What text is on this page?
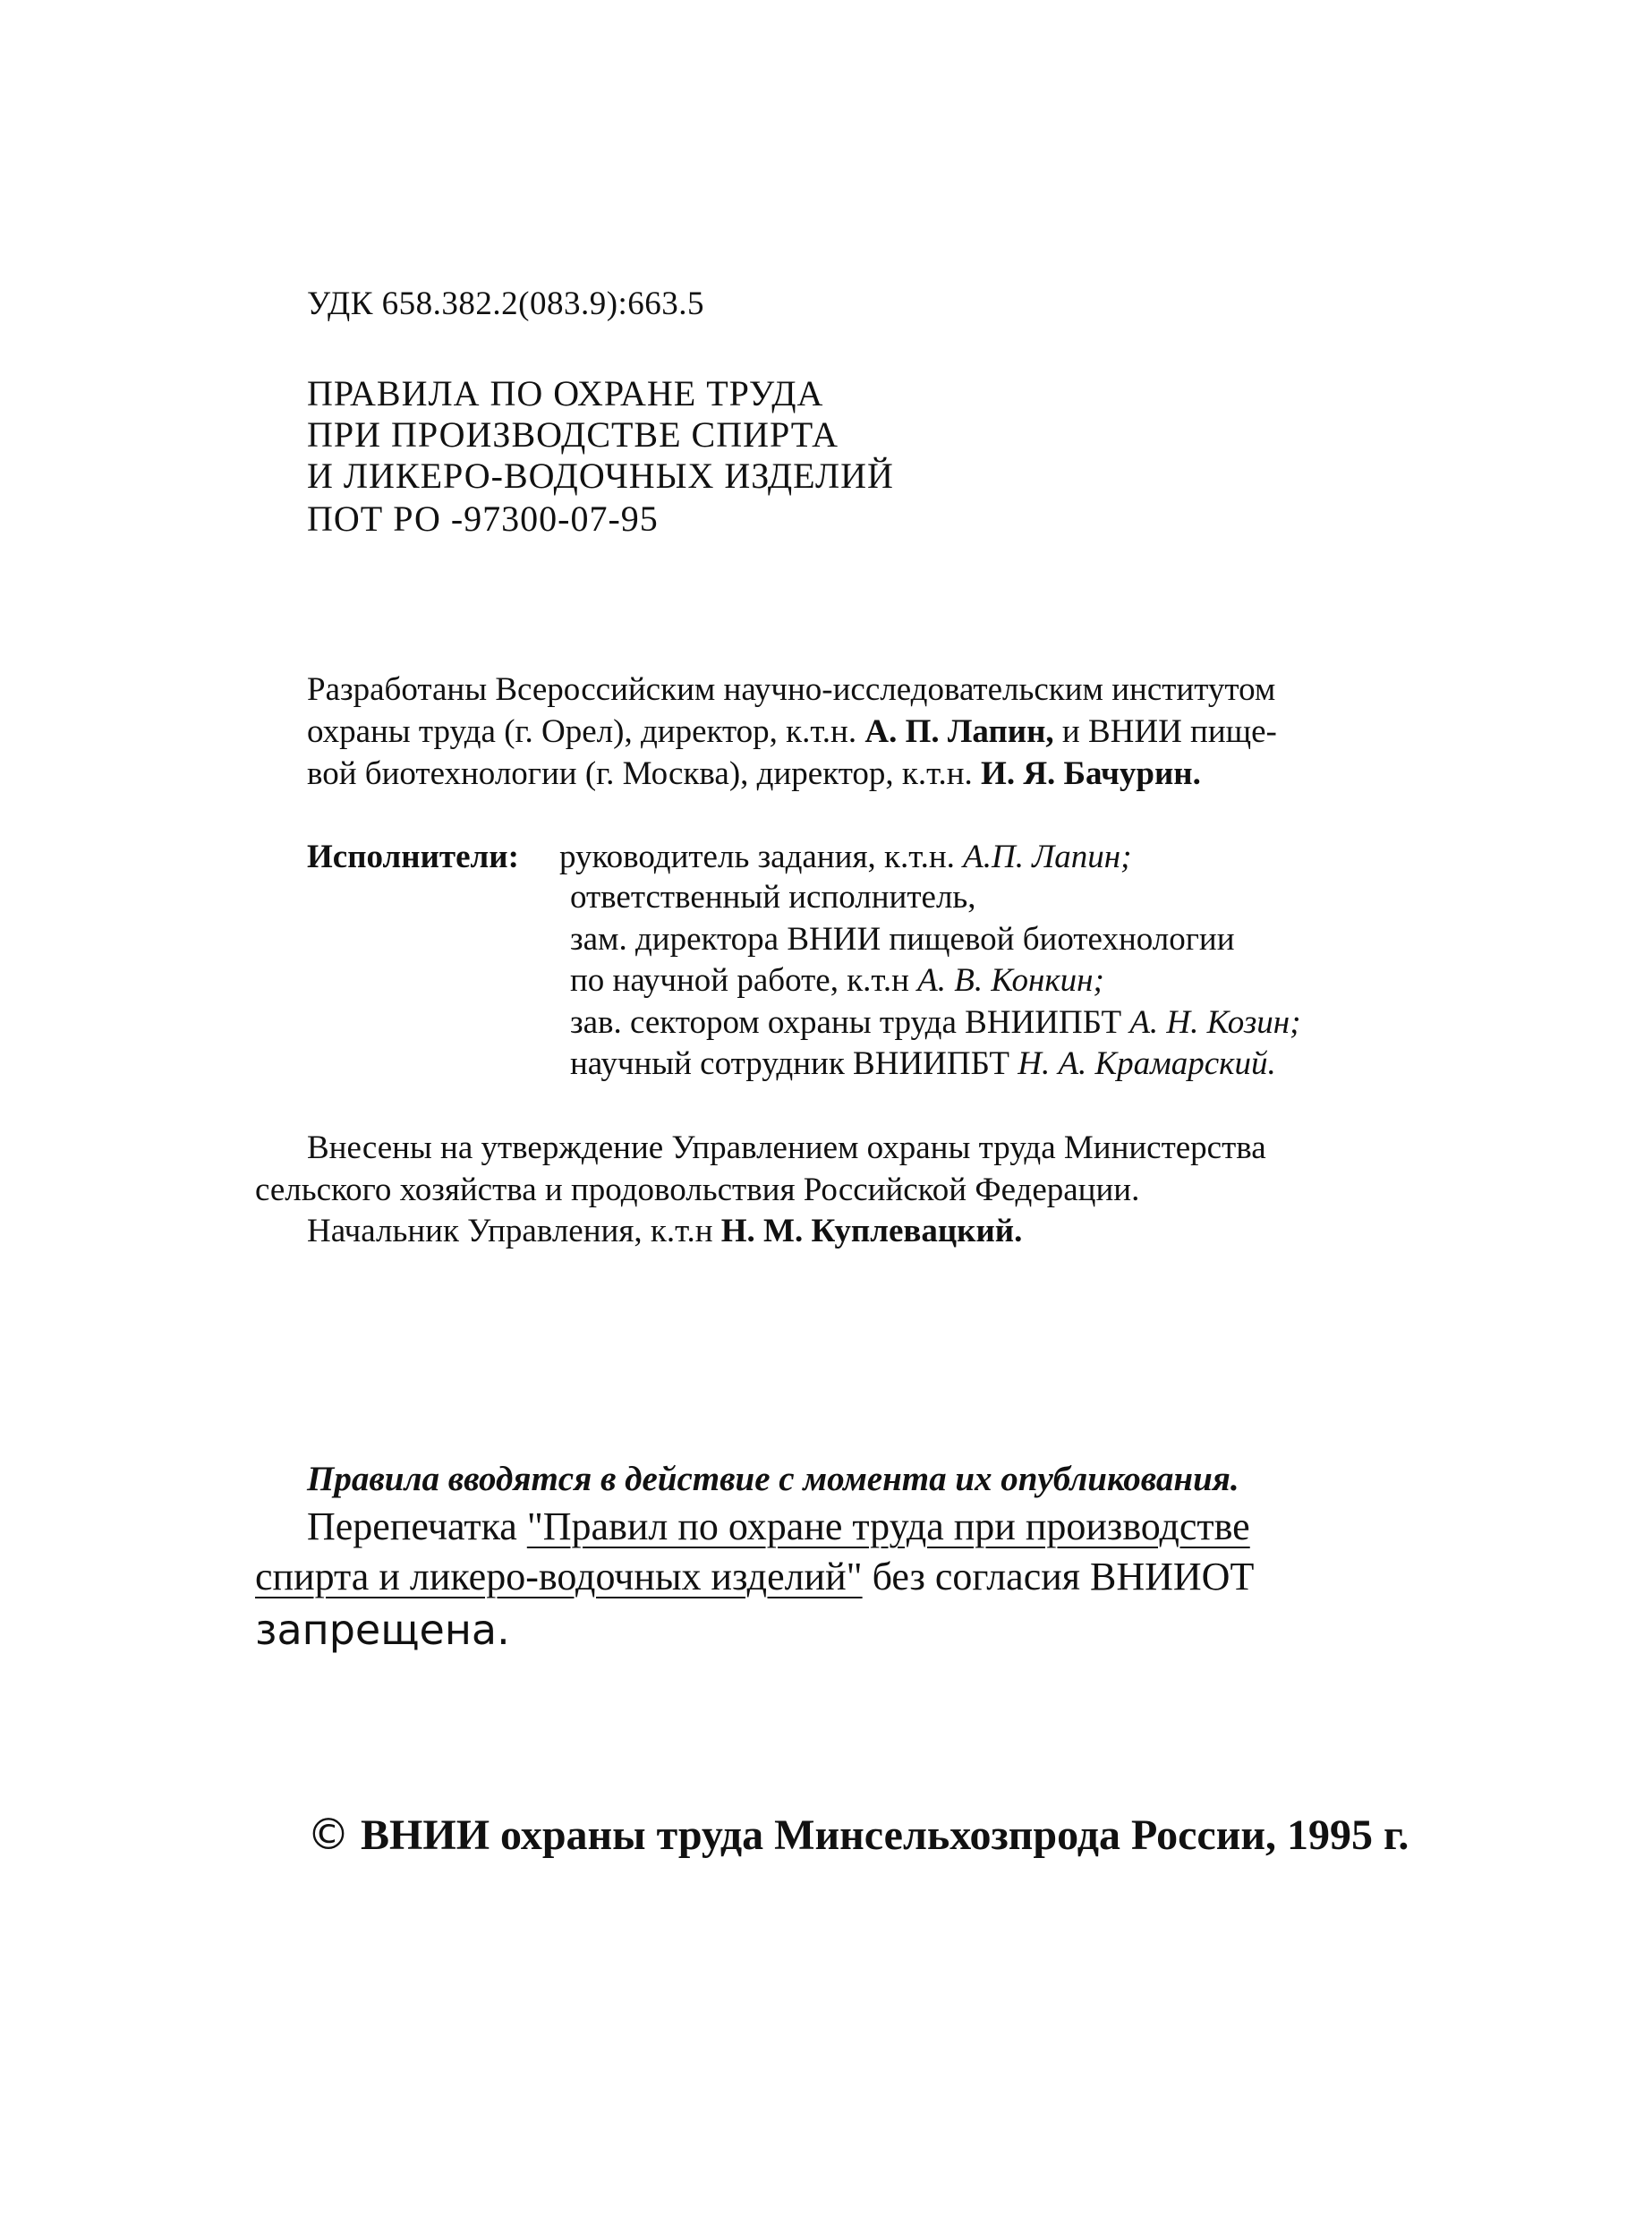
УДК 658.382.2(083.9):663.5
ПРАВИЛА ПО ОХРАНЕ ТРУДА
ПРИ ПРОИЗВОДСТВЕ СПИРТА
И ЛИКЕРО-ВОДОЧНЫХ ИЗДЕЛИЙ
ПОТ РО -97300-07-95
Разработаны Всероссийским научно-исследовательским институтом
охраны труда (г. Орел), директор, к.т.н. А. П. Лапин, и ВНИИ пище-
вой биотехнологии (г. Москва), директор, к.т.н. И. Я. Бачурин.
Исполнители: руководитель задания, к.т.н. А.П. Лапин;
ответственный исполнитель,
зам. директора ВНИИ пищевой биотехнологии
по научной работе, к.т.н А. В. Конкин;
зав. сектором охраны труда ВНИИПБТ А. Н. Козин;
научный сотрудник ВНИИПБТ Н. А. Крамарский.
Внесены на утверждение Управлением охраны труда Министерства
сельского хозяйства и продовольствия Российской Федерации.
Начальник Управления, к.т.н Н. М. Куплевацкий.
Правила вводятся в действие с момента их опубликования.
Перепечатка "Правил по охране труда при производстве
спирта и ликеро-водочных изделий" без согласия ВНИИОТ
запрещена.
© ВНИИ охраны труда Минсельхозпрода России, 1995 г.
